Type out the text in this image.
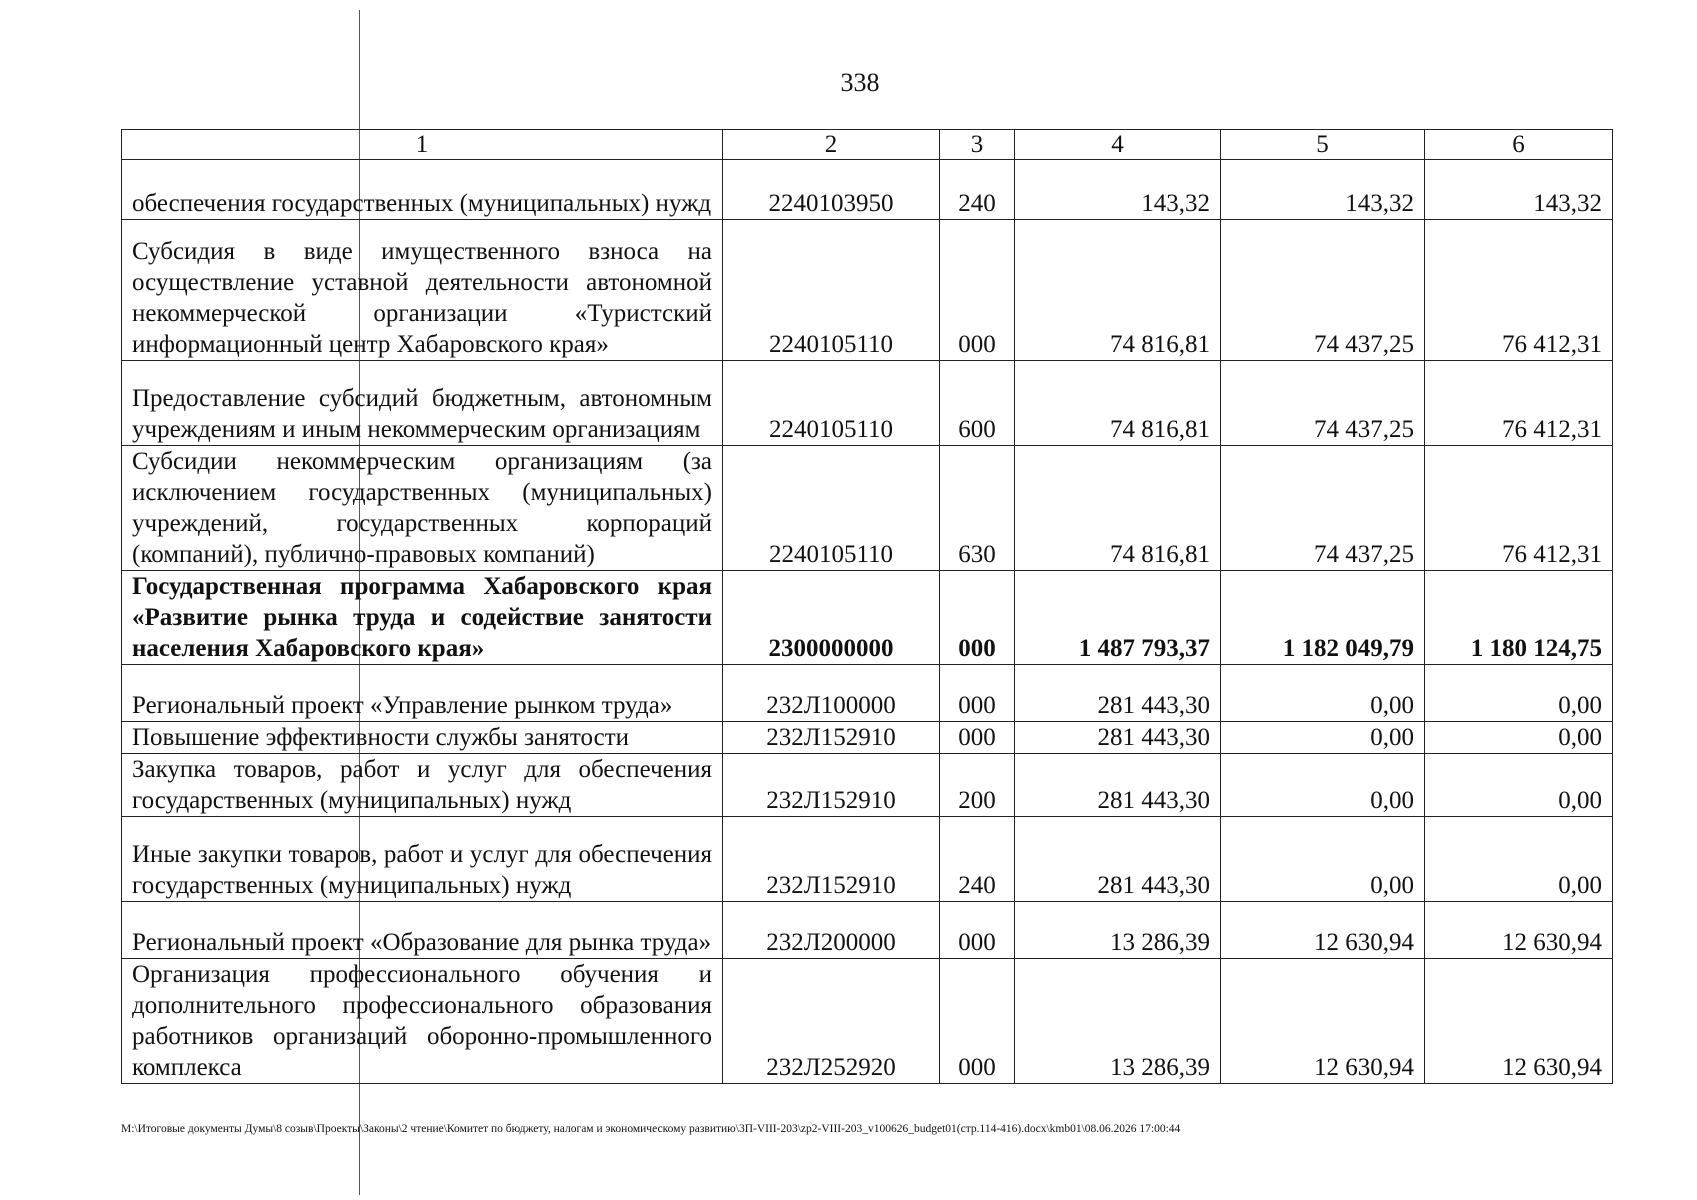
338
1	2	3	4	5	6
обеспечения государственных (муниципальных) нужд	2240103950	240	143,32	143,32	143,32
Субсидия в виде имущественного взноса на осуществление уставной деятельности автономной некоммерческой организации «Туристский информационный центр Хабаровского края»	2240105110	000	74 816,81	74 437,25	76 412,31
Предоставление субсидий бюджетным, автономным учреждениям и иным некоммерческим организациям	2240105110	600	74 816,81	74 437,25	76 412,31
Субсидии некоммерческим организациям (за исключением государственных (муниципальных) учреждений, государственных корпораций (компаний), публично-правовых компаний)	2240105110	630	74 816,81	74 437,25	76 412,31
Государственная программа Хабаровского края «Развитие рынка труда и содействие занятости населения Хабаровского края»	2300000000	000	1 487 793,37	1 182 049,79	1 180 124,75
Региональный проект «Управление рынком труда»	232Л100000	000	281 443,30	0,00	0,00
Повышение эффективности службы занятости	232Л152910	000	281 443,30	0,00	0,00
Закупка товаров, работ и услуг для обеспечения государственных (муниципальных) нужд	232Л152910	200	281 443,30	0,00	0,00
Иные закупки товаров, работ и услуг для обеспечения государственных (муниципальных) нужд	232Л152910	240	281 443,30	0,00	0,00
Региональный проект «Образование для рынка труда»	232Л200000	000	13 286,39	12 630,94	12 630,94
Организация профессионального обучения и дополнительного профессионального образования работников организаций оборонно-промышленного комплекса	232Л252920	000	13 286,39	12 630,94	12 630,94
M:\Итоговые документы Думы\8 созыв\Проекты\Законы\2 чтение\Комитет по бюджету, налогам и экономическому развитию\3П-VIII-203\zp2-VIII-203_v100626_budget01(стр.114-416).docx\kmb01\08.06.2026 17:00:44
